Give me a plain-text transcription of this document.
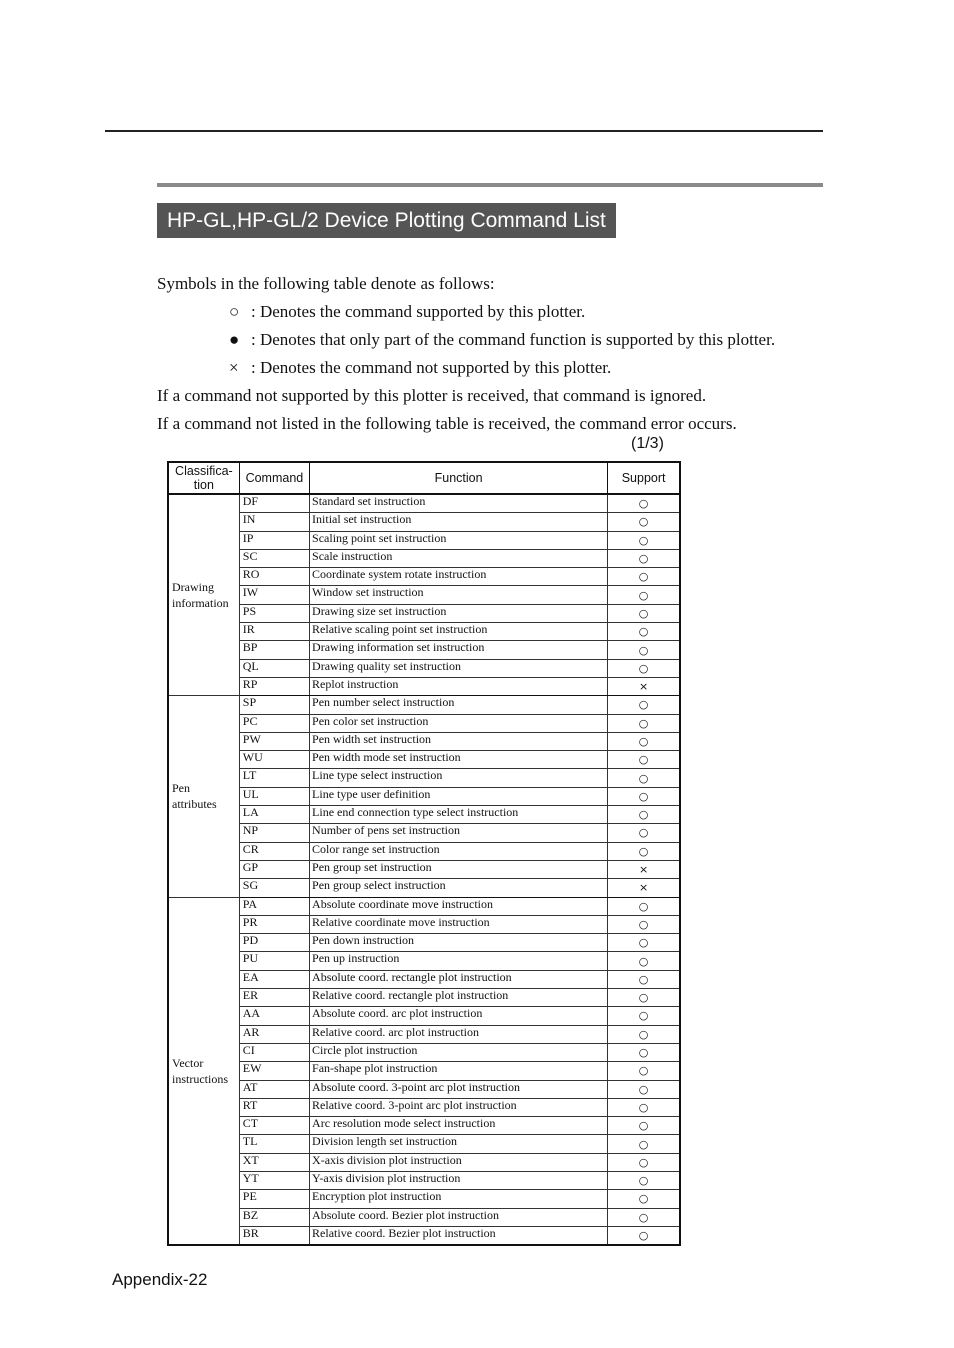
HP-GL,HP-GL/2 Device Plotting Command List
Symbols in the following table denote as follows:
○ : Denotes the command supported by this plotter.
● : Denotes that only part of the command function is supported by this plotter.
× : Denotes the command not supported by this plotter.
If a command not supported by this plotter is received, that command is ignored.
If a command not listed in the following table is received, the command error occurs.
(1/3)
Classifica-tion	Command	Function	Support
Drawing information	DF	Standard set instruction	○
	IN	Initial set instruction	○
	IP	Scaling point set instruction	○
	SC	Scale instruction	○
	RO	Coordinate system rotate instruction	○
	IW	Window set instruction	○
	PS	Drawing size set instruction	○
	IR	Relative scaling point set instruction	○
	BP	Drawing information set instruction	○
	QL	Drawing quality set instruction	○
	RP	Replot instruction	×
Pen attributes	SP	Pen number select instruction	○
	PC	Pen color set instruction	○
	PW	Pen width set instruction	○
	WU	Pen width mode set instruction	○
	LT	Line type select instruction	○
	UL	Line type user definition	○
	LA	Line end connection type select instruction	○
	NP	Number of pens set instruction	○
	CR	Color range set instruction	○
	GP	Pen group set instruction	×
	SG	Pen group select instruction	×
Vector instructions	PA	Absolute coordinate move instruction	○
	PR	Relative coordinate move instruction	○
	PD	Pen down instruction	○
	PU	Pen up instruction	○
	EA	Absolute coord. rectangle plot instruction	○
	ER	Relative coord. rectangle plot instruction	○
	AA	Absolute coord. arc plot instruction	○
	AR	Relative coord. arc plot instruction	○
	CI	Circle plot instruction	○
	EW	Fan-shape plot instruction	○
	AT	Absolute coord. 3-point arc plot instruction	○
	RT	Relative coord. 3-point arc plot instruction	○
	CT	Arc resolution mode select instruction	○
	TL	Division length set instruction	○
	XT	X-axis division plot instruction	○
	YT	Y-axis division plot instruction	○
	PE	Encryption plot instruction	○
	BZ	Absolute coord. Bezier plot instruction	○
	BR	Relative coord. Bezier plot instruction	○
Appendix-22
